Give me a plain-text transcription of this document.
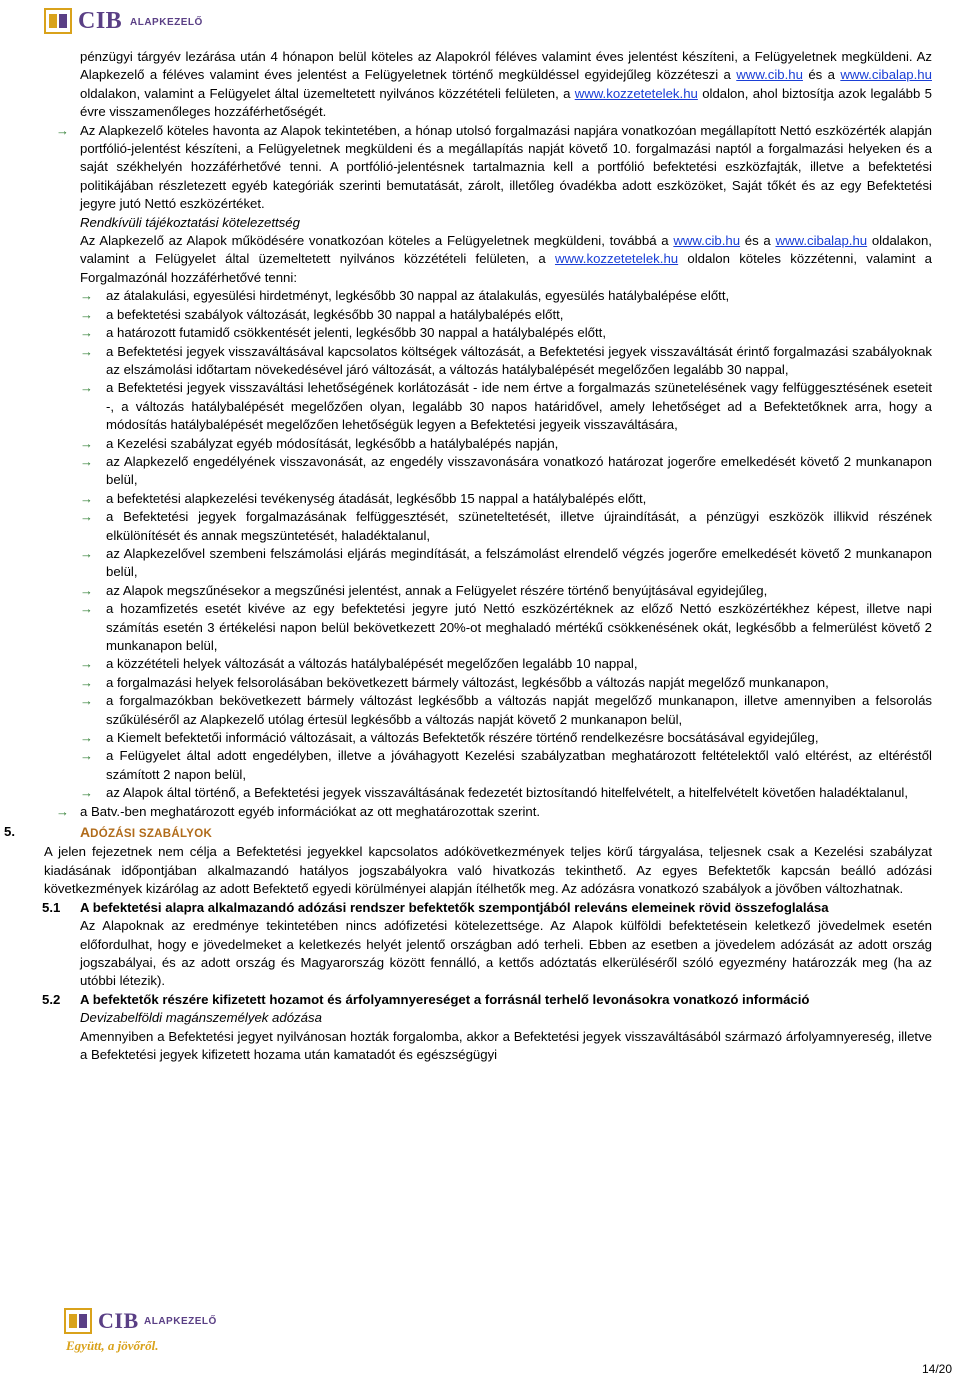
CIB ALAPKEZELŐ

pénzügyi tárgyév lezárása után 4 hónapon belül köteles az Alapokról féléves valamint éves jelentést készíteni, a Felügyeletnek megküldeni. Az Alapkezelő a féléves valamint éves jelentést a Felügyeletnek történő megküldéssel egyidejűleg közzéteszi a www.cib.hu és a www.cibalap.hu oldalakon, valamint a Felügyelet által üzemeltetett nyilvános közzétételi felületen, a www.kozzetetelek.hu oldalon, ahol biztosítja azok legalább 5 évre visszamenőleges hozzáférhetőségét.

→ Az Alapkezelő köteles havonta az Alapok tekintetében, a hónap utolsó forgalmazási napjára vonatkozóan megállapított Nettó eszközérték alapján portfólió-jelentést készíteni, a Felügyeletnek megküldeni és a megállapítás napját követő 10. forgalmazási naptól a forgalmazási helyeken és a saját székhelyén hozzáférhetővé tenni. A portfólió-jelentésnek tartalmaznia kell a portfólió befektetési eszközfajták, illetve a befektetési politikájában részletezett egyéb kategóriák szerinti bemutatását, zárolt, illetőleg óvadékba adott eszközöket, Saját tőkét és az egy Befektetési jegyre jutó Nettó eszközértéket.

Rendkívüli tájékoztatási kötelezettség

Az Alapkezelő az Alapok működésére vonatkozóan köteles a Felügyeletnek megküldeni, továbbá a www.cib.hu és a www.cibalap.hu oldalakon, valamint a Felügyelet által üzemeltetett nyilvános közzétételi felületen, a www.kozzetetelek.hu oldalon köteles közzétenni, valamint a Forgalmazónál hozzáférhetővé tenni:

→ az átalakulási, egyesülési hirdetményt, legkésőbb 30 nappal az átalakulás, egyesülés hatálybalépése előtt,
→ a befektetési szabályok változását, legkésőbb 30 nappal a hatálybalépés előtt,
→ a határozott futamidő csökkentését jelenti, legkésőbb 30 nappal a hatálybalépés előtt,
→ a Befektetési jegyek visszaváltásával kapcsolatos költségek változását, a Befektetési jegyek visszaváltását érintő forgalmazási szabályoknak az elszámolási időtartam növekedésével járó változását, a változás hatálybalépését megelőzően legalább 30 nappal,
→ a Befektetési jegyek visszaváltási lehetőségének korlátozását - ide nem értve a forgalmazás szünetelésének vagy felfüggesztésének eseteit -, a változás hatálybalépését megelőzően olyan, legalább 30 napos határidővel, amely lehetőséget ad a Befektetőknek arra, hogy a módosítás hatálybalépését megelőzően lehetőségük legyen a Befektetési jegyeik visszaváltására,
→ a Kezelési szabályzat egyéb módosítását, legkésőbb a hatálybalépés napján,
→ az Alapkezelő engedélyének visszavonását, az engedély visszavonására vonatkozó határozat jogerőre emelkedését követő 2 munkanapon belül,
→ a befektetési alapkezelési tevékenység átadását, legkésőbb 15 nappal a hatálybalépés előtt,
→ a Befektetési jegyek forgalmazásának felfüggesztését, szüneteltetését, illetve újraindítását, a pénzügyi eszközök illikvid részének elkülönítését és annak megszüntetését, haladéktalanul,
→ az Alapkezelővel szembeni felszámolási eljárás megindítását, a felszámolást elrendelő végzés jogerőre emelkedését követő 2 munkanapon belül,
→ az Alapok megszűnésekor a megszűnési jelentést, annak a Felügyelet részére történő benyújtásával egyidejűleg,
→ a hozamfizetés esetét kivéve az egy befektetési jegyre jutó Nettó eszközértéknek az előző Nettó eszközértékhez képest, illetve napi számítás esetén 3 értékelési napon belül bekövetkezett 20%-ot meghaladó mértékű csökkenésének okát, legkésőbb a felmerülést követő 2 munkanapon belül,
→ a közzétételi helyek változását a változás hatálybalépését megelőzően legalább 10 nappal,
→ a forgalmazási helyek felsorolásában bekövetkezett bármely változást, legkésőbb a változás napját megelőző munkanapon,
→ a forgalmazókban bekövetkezett bármely változást legkésőbb a változás napját megelőző munkanapon, illetve amennyiben a felsorolás szűküléséről az Alapkezelő utólag értesül legkésőbb a változás napját követő 2 munkanapon belül,
→ a Kiemelt befektetői információ változásait, a változás Befektetők részére történő rendelkezésre bocsátásával egyidejűleg,
→ a Felügyelet által adott engedélyben, illetve a jóváhagyott Kezelési szabályzatban meghatározott feltételektől való eltérést, az eltéréstől számított 2 napon belül,
→ az Alapok által történő, a Befektetési jegyek visszaváltásának fedezetét biztosítandó hitelfelvételt, a hitelfelvételt követően haladéktalanul,
→ a Batv.-ben meghatározott egyéb információkat az ott meghatározottak szerint.
5.	ADÓZÁSI SZABÁLYOK

A jelen fejezetnek nem célja a Befektetési jegyekkel kapcsolatos adókövetkezmények teljes körű tárgyalása, teljesnek csak a Kezelési szabályzat kiadásának időpontjában alkalmazandó hatályos jogszabályokra való hivatkozás tekinthető. Az egyes Befektetők kapcsán beálló adózási következmények kizárólag az adott Befektető egyedi körülményei alapján ítélhetők meg. Az adózásra vonatkozó szabályok a jövőben változhatnak.

5.1 A befektetési alapra alkalmazandó adózási rendszer befektetők szempontjából releváns elemeinek rövid összefoglalása

Az Alapoknak az eredménye tekintetében nincs adófizetési kötelezettsége. Az Alapok külföldi befektetésein keletkező jövedelmek esetén előfordulhat, hogy e jövedelmeket a keletkezés helyét jelentő országban adó terheli. Ebben az esetben a jövedelem adózását az adott ország jogszabályai, és az adott ország és Magyarország között fennálló, a kettős adóztatás elkerüléséről szóló egyezmény határozzák meg (ha az utóbbi létezik).

5.2 A befektetők részére kifizetett hozamot és árfolyamnyereséget a forrásnál terhelő levonásokra vonatkozó információ

Devizabelföldi magánszemélyek adózása

Amennyiben a Befektetési jegyet nyilvánosan hozták forgalomba, akkor a Befektetési jegyek visszaváltásából származó árfolyamnyereség, illetve a Befektetési jegyek kifizetett hozama után kamatadót és egészségügyi

CIB ALAPKEZELŐ
Együtt, a jövőről.
14/20
